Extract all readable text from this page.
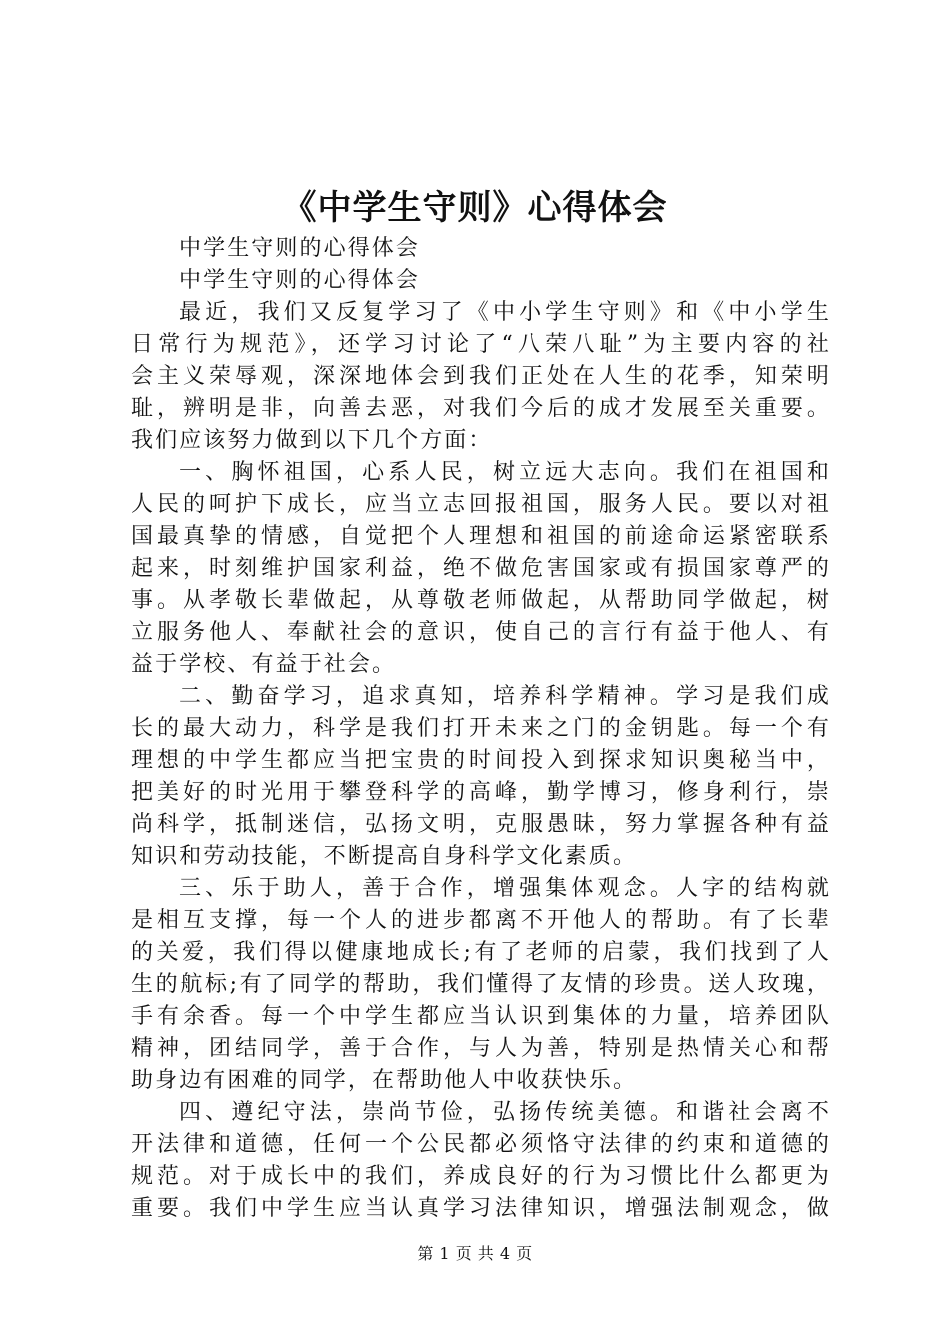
《中学生守则》心得体会
中学生守则的心得体会
中学生守则的心得体会
最近，我们又反复学习了《中小学生守则》和《中小学生
日常行为规范》，还学习讨论了“八荣八耻”为主要内容的社
会主义荣辱观，深深地体会到我们正处在人生的花季，知荣明
耻，辨明是非，向善去恶，对我们今后的成才发展至关重要。
我们应该努力做到以下几个方面：
一、胸怀祖国，心系人民，树立远大志向。我们在祖国和
人民的呵护下成长，应当立志回报祖国，服务人民。要以对祖
国最真挚的情感，自觉把个人理想和祖国的前途命运紧密联系
起来，时刻维护国家利益，绝不做危害国家或有损国家尊严的
事。从孝敬长辈做起，从尊敬老师做起，从帮助同学做起，树
立服务他人、奉献社会的意识，使自己的言行有益于他人、有
益于学校、有益于社会。
二、勤奋学习，追求真知，培养科学精神。学习是我们成
长的最大动力，科学是我们打开未来之门的金钥匙。每一个有
理想的中学生都应当把宝贵的时间投入到探求知识奥秘当中，
把美好的时光用于攀登科学的高峰，勤学博习，修身利行，崇
尚科学，抵制迷信，弘扬文明，克服愚昧，努力掌握各种有益
知识和劳动技能，不断提高自身科学文化素质。
三、乐于助人，善于合作，增强集体观念。人字的结构就
是相互支撑，每一个人的进步都离不开他人的帮助。有了长辈
的关爱，我们得以健康地成长;有了老师的启蒙，我们找到了人
生的航标;有了同学的帮助，我们懂得了友情的珍贵。送人玫瑰，
手有余香。每一个中学生都应当认识到集体的力量，培养团队
精神，团结同学，善于合作，与人为善，特别是热情关心和帮
助身边有困难的同学，在帮助他人中收获快乐。
四、遵纪守法，崇尚节俭，弘扬传统美德。和谐社会离不
开法律和道德，任何一个公民都必须恪守法律的约束和道德的
规范。对于成长中的我们，养成良好的行为习惯比什么都更为
重要。我们中学生应当认真学习法律知识，增强法制观念，做
第 1 页 共 4 页
